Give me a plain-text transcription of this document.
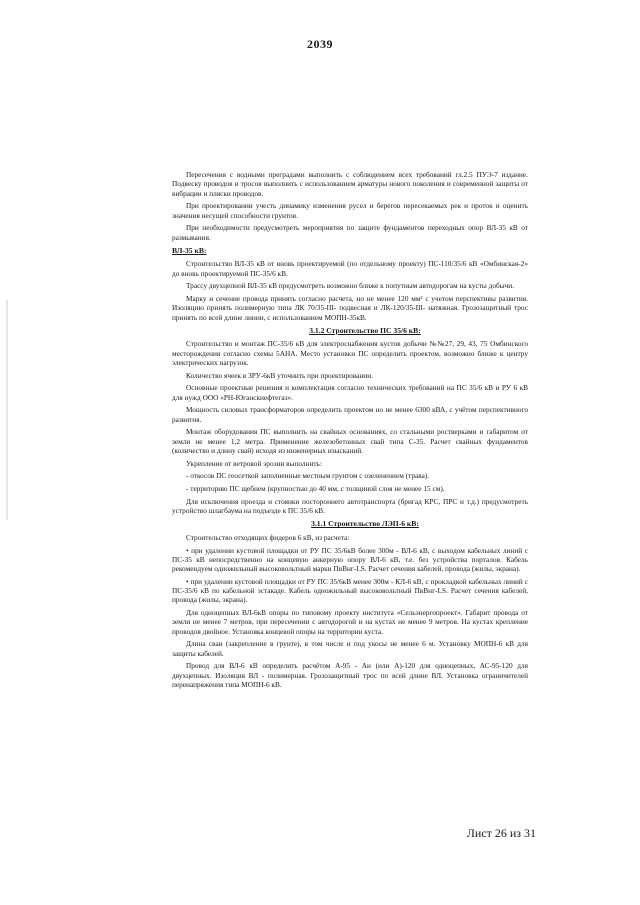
2039

Пересечения с водными преградами выполнить с соблюдением всех требований гл.2.5 ПУЭ-7 издание. Подвеску проводов и тросов выполнить с использованием арматуры нового поколения и современной защиты от вибрации и пляски проводов.

При проектировании учесть динамику изменения русел и берегов пересекаемых рек и проток и оценить значения несущей способности грунтов.

При необходимости предусмотреть мероприятия по защите фундаментов переходных опор ВЛ-35 кВ от размывания.

ВЛ-35 кВ:

Строительство ВЛ-35 кВ от вновь проектируемой (по отдельному проекту) ПС-110/35/6 кВ «Омбинская-2» до вновь проектируемой ПС-35/6 кВ.

Трассу двухцепной ВЛ-35 кВ предусмотреть возможно ближе к попутным автодорогам на кусты добычи.

Марку и сечение провода принять согласно расчета, но не менее 120 мм² с учетом перспективы развития. Изоляцию принять полимерную типа ЛК 70/35-III- подвесная и ЛК-120/35-III- натяжная. Грозозащитный трос принять по всей длине линии, с использованием МОПН-35кВ.

3.1.2 Строительство ПС 35/6 кВ:

Строительство и монтаж ПС-35/6 кВ для электроснабжения кустов добычи №№27, 29, 43, 75 Омбинского месторождения согласно схемы 5АНА. Место установки ПС определить проектом, возможно ближе к центру электрических нагрузок.

Количество ячеек в ЗРУ-6кВ уточнить при проектировании.

Основные проектные решения и комплектация согласно технических требований на ПС 35/6 кВ и РУ 6 кВ для нужд ООО «РН-Юганскнефтегаз».

Мощность силовых трансформаторов определить проектом но не менее 6300 кВА, с учётом перспективного развития.

Монтаж оборудования ПС выполнить на свайных основаниях, со стальными ростверками и габаритом от земли не менее 1,2 метра. Применение железобетонных свай типа С-35. Расчет свайных фундаментов (количество и длину свай) исходя из инженерных изысканий.

Укрепление от ветровой эрозии выполнить:

- откосов ПС геосеткой заполненные местным грунтом с озеленением (трава).

- территорию ПС щебнем (крупностью до 40 мм, с толщиной слоя не менее 15 см).

Для исключения проезда и стоянки постороннего автотранспорта (бригад КРС, ПРС и т.д.) предусмотреть устройство шлагбаума на подъезде к ПС 35/6 кВ.

3.1.1 Строительство ЛЭП-6 кВ:

Строительство отходящих фидеров 6 кВ, из расчета:

• при удалении кустовой площадки от РУ ПС 35/6кВ более 300м - ВЛ-6 кВ, с выходом кабельных линий с ПС-35 кВ непосредственно на концевую анкерную опору ВЛ-6 кВ, т.е. без устройства порталов. Кабель рекомендуем одножильный высоковольтный марки ПвВнг-LS. Расчет сечения кабелей, провода (жилы, экрана).

• при удалении кустовой площадки от РУ ПС 35/6кВ менее 300м - КЛ-6 кВ, с прокладкой кабельных линий с ПС-35/6 кВ по кабельной эстакаде. Кабель одножильный высоковольтный ПвВнг-LS. Расчет сечения кабелей, провода (жилы, экрана).

Для одноцепных ВЛ-6кВ опоры по типовому проекту института «Сельэнергопроект». Габарит провода от земли не менее 7 метров, при пересечении с автодорогой и на кустах не менее 9 метров. На кустах крепление проводов двойное. Установка концевой опоры на территории куста.

Длина сваи (закрепление в грунте), в том числе и под укосы не менее 6 м. Установку МОПН-6 кВ для защиты кабелей.

Провод для ВЛ-6 кВ определить расчётом А-95 - Ан (или А)-120 для одноцепных, АС-95-120 для двухцепных. Изоляция ВЛ - полимерная. Грозозащитный трос по всей длине ВЛ. Установка ограничителей перенапряжения типа МОПН-6 кВ.

Лист 26 из 31
